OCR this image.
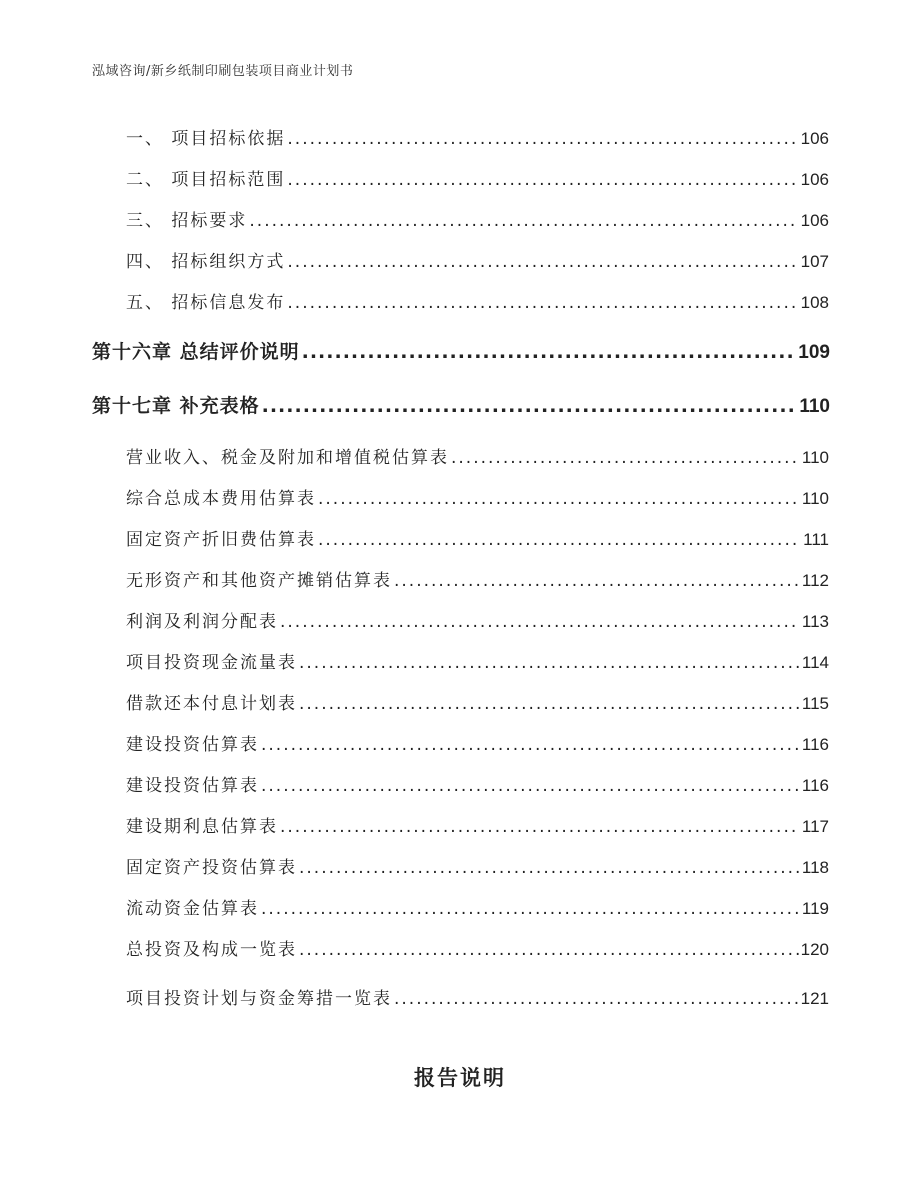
泓域咨询/新乡纸制印刷包装项目商业计划书
一、 项目招标依据 .....	106
二、 项目招标范围 .....	106
三、 招标要求 .....	106
四、 招标组织方式 .....	107
五、 招标信息发布 .....	108
第十六章 总结评价说明 .....	109
第十七章 补充表格 .....	110
营业收入、税金及附加和增值税估算表 .....	110
综合总成本费用估算表 .....	110
固定资产折旧费估算表 .....	111
无形资产和其他资产摊销估算表 .....	112
利润及利润分配表 .....	113
项目投资现金流量表 .....	114
借款还本付息计划表 .....	115
建设投资估算表 .....	116
建设投资估算表 .....	116
建设期利息估算表 .....	117
固定资产投资估算表 .....	118
流动资金估算表 .....	119
总投资及构成一览表 .....	120
项目投资计划与资金筹措一览表 .....	121
报告说明
